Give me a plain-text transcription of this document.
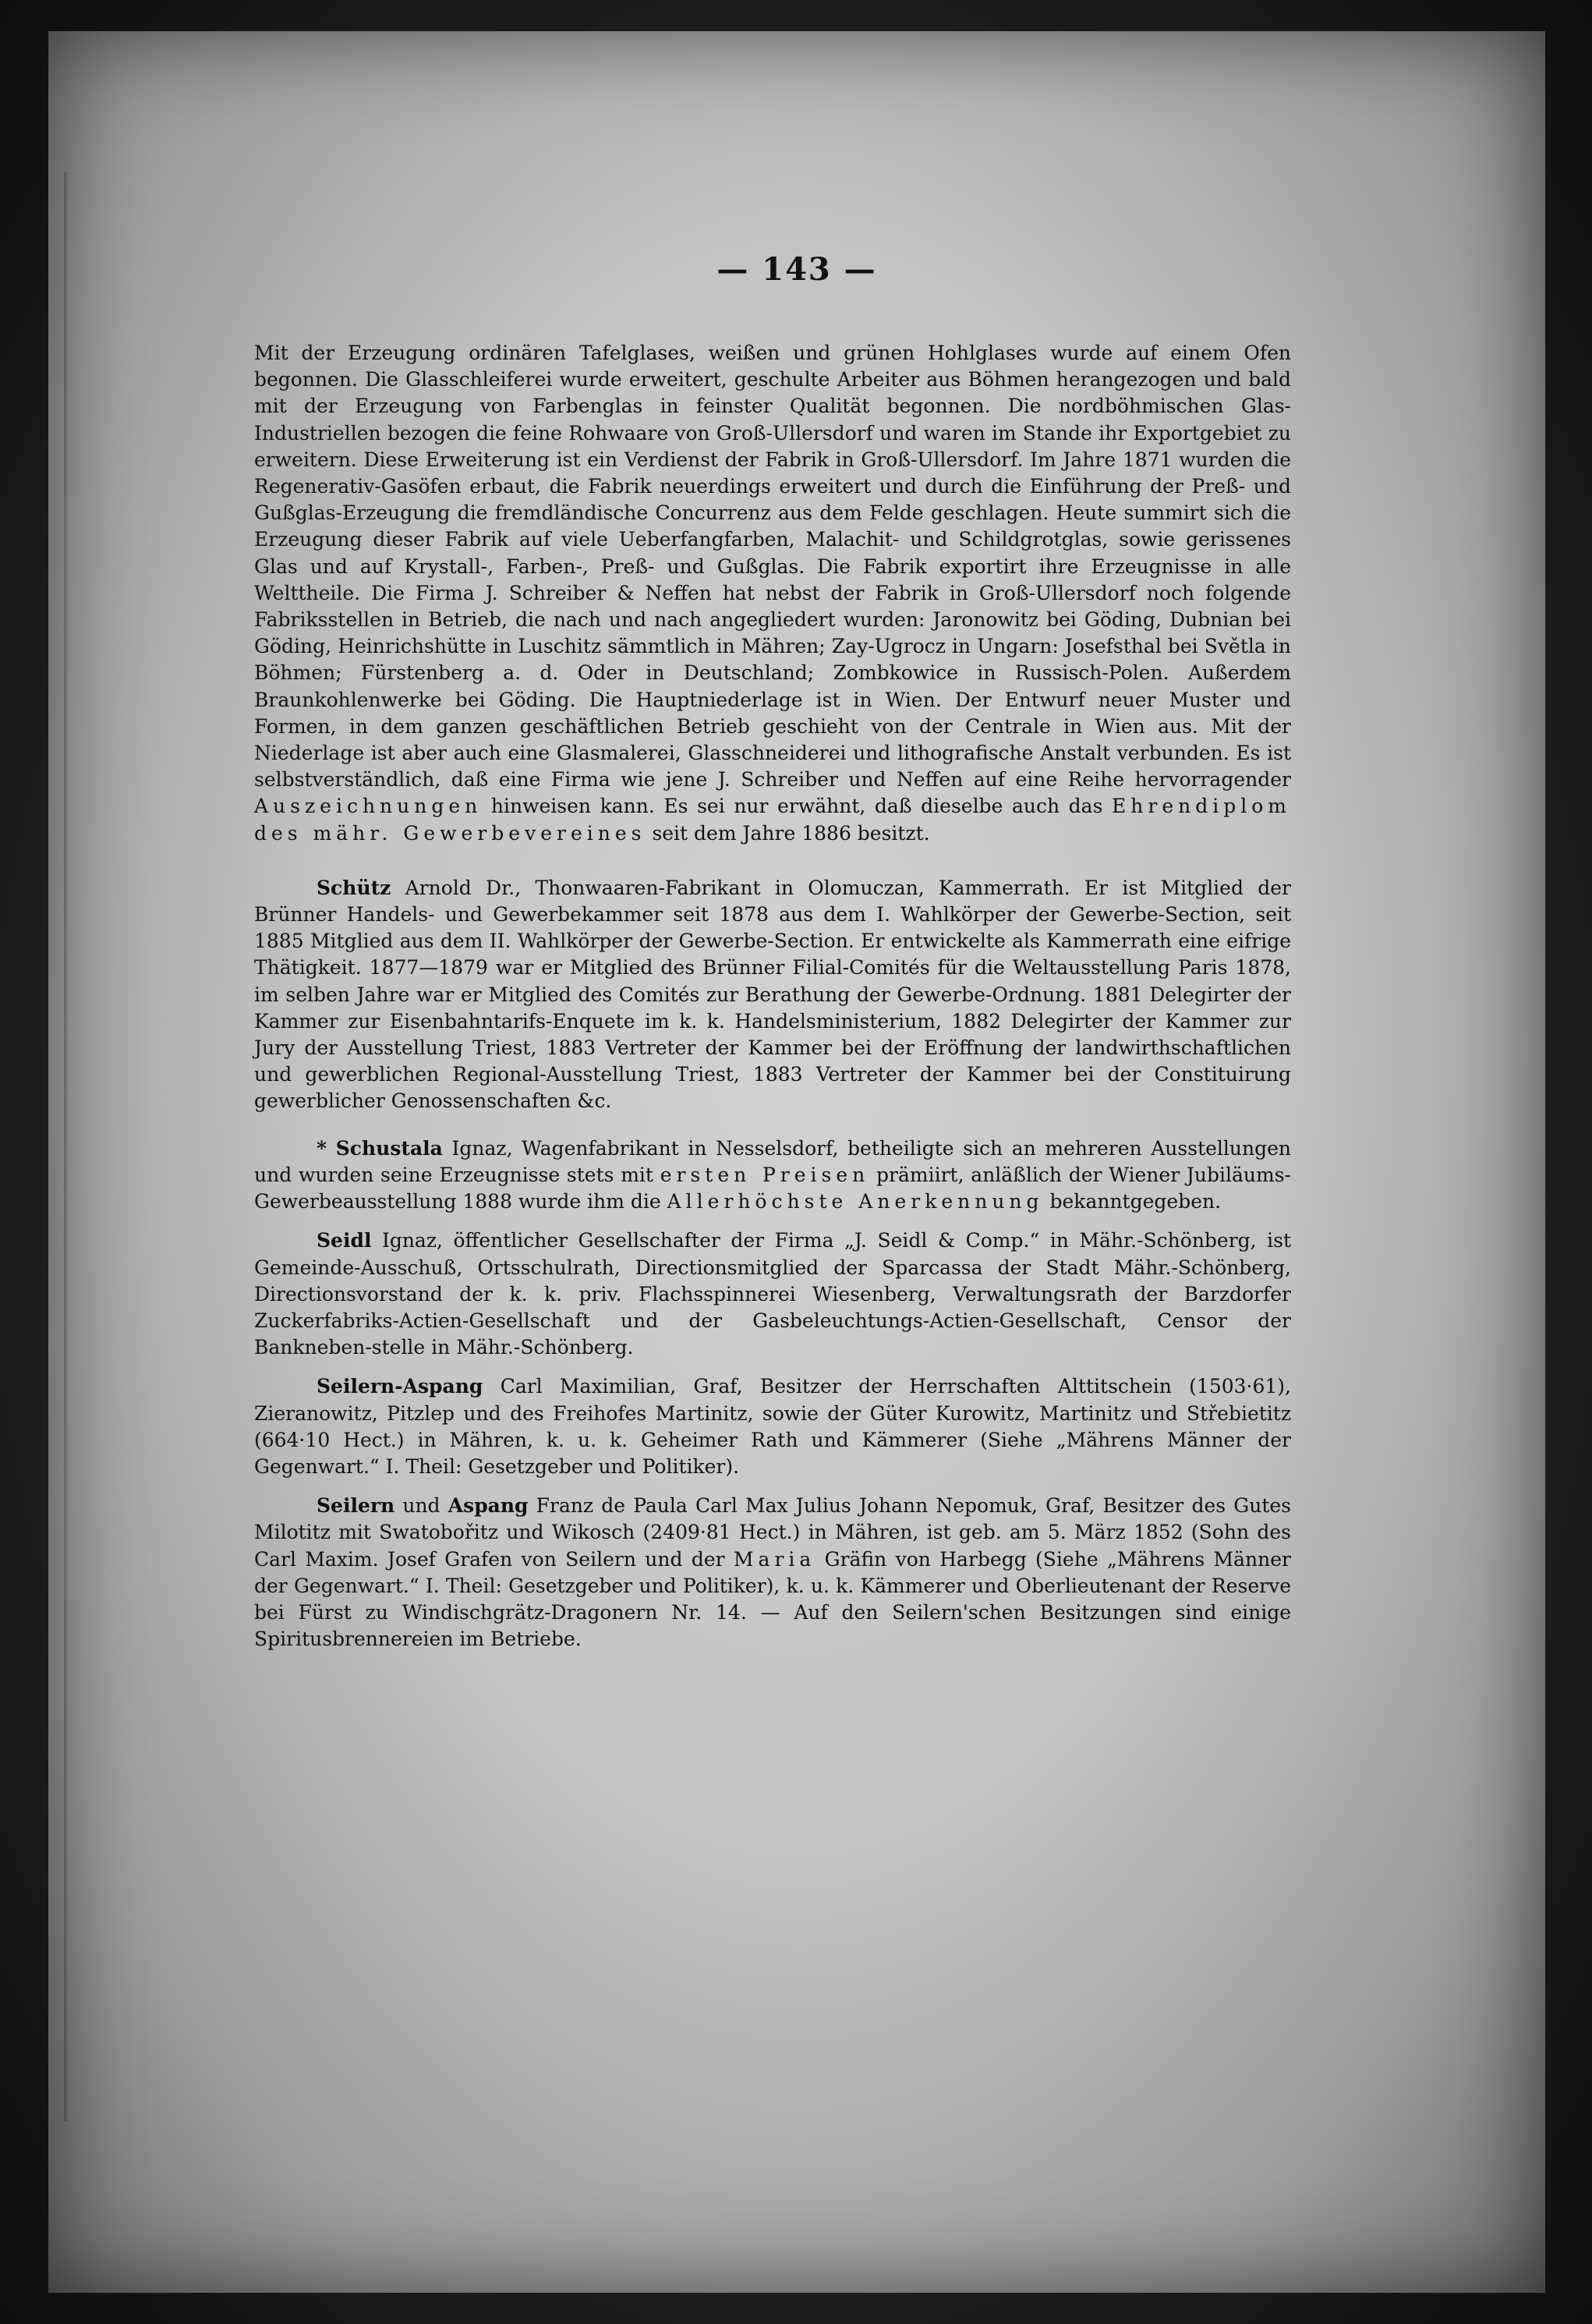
— 143 —

Mit der Erzeugung ordinären Tafelglases, weißen und grünen Hohlglases wurde auf einem Ofen begonnen. Die Glasschleiferei wurde erweitert, geschulte Arbeiter aus Böhmen herangezogen und bald mit der Erzeugung von Farbenglas in feinster Qualität begonnen. Die nordböhmischen Glas-Industriellen bezogen die feine Rohwaare von Groß-Ullersdorf und waren im Stande ihr Exportgebiet zu erweitern. Diese Erweiterung ist ein Verdienst der Fabrik in Groß-Ullersdorf. Im Jahre 1871 wurden die Regenerativ-Gasöfen erbaut, die Fabrik neuerdings erweitert und durch die Einführung der Preß- und Gußglas-Erzeugung die fremdländische Concurrenz aus dem Felde geschlagen. Heute summirt sich die Erzeugung dieser Fabrik auf viele Ueberfangfarben, Malachit- und Schildgrotglas, sowie gerissenes Glas und auf Krystall-, Farben-, Preß- und Gußglas. Die Fabrik exportirt ihre Erzeugnisse in alle Welttheile. Die Firma J. Schreiber & Neffen hat nebst der Fabrik in Groß-Ullersdorf noch folgende Fabriksstellen in Betrieb, die nach und nach angegliedert wurden: Jaronowitz bei Göding, Dubnian bei Göding, Heinrichshütte in Luschitz sämmtlich in Mähren; Zay-Ugrocz in Ungarn: Josefsthal bei Světla in Böhmen; Fürstenberg a. d. Oder in Deutschland; Zombkowice in Russisch-Polen. Außerdem Braunkohlenwerke bei Göding. Die Hauptniederlage ist in Wien. Der Entwurf neuer Muster und Formen, in dem ganzen geschäftlichen Betrieb geschieht von der Centrale in Wien aus. Mit der Niederlage ist aber auch eine Glasmalerei, Glasschneiderei und lithografische Anstalt verbunden. Es ist selbstverständlich, daß eine Firma wie jene J. Schreiber und Neffen auf eine Reihe hervorragender Auszeichnungen hinweisen kann. Es sei nur erwähnt, daß dieselbe auch das Ehrendiplom des mähr. Gewerbevereines seit dem Jahre 1886 besitzt.

Schütz Arnold Dr., Thonwaaren-Fabrikant in Olomuczan, Kammerrath. Er ist Mitglied der Brünner Handels- und Gewerbekammer seit 1878 aus dem I. Wahlkörper der Gewerbe-Section, seit 1885 Mitglied aus dem II. Wahlkörper der Gewerbe-Section. Er entwickelte als Kammerrath eine eifrige Thätigkeit. 1877—1879 war er Mitglied des Brünner Filial-Comités für die Weltausstellung Paris 1878, im selben Jahre war er Mitglied des Comités zur Berathung der Gewerbe-Ordnung. 1881 Delegirter der Kammer zur Eisenbahntarifs-Enquete im k. k. Handelsministerium, 1882 Delegirter der Kammer zur Jury der Ausstellung Triest, 1883 Vertreter der Kammer bei der Eröffnung der landwirthschaftlichen und gewerblichen Regional-Ausstellung Triest, 1883 Vertreter der Kammer bei der Constituirung gewerblicher Genossenschaften &c.

* Schustala Ignaz, Wagenfabrikant in Nesselsdorf, betheiligte sich an mehreren Ausstellungen und wurden seine Erzeugnisse stets mit ersten Preisen prämiirt, anläßlich der Wiener Jubiläums-Gewerbeausstellung 1888 wurde ihm die Allerhöchste Anerkennung bekanntgegeben.

Seidl Ignaz, öffentlicher Gesellschafter der Firma „J. Seidl & Comp.“ in Mähr.-Schönberg, ist Gemeinde-Ausschuß, Ortsschulrath, Directionsmitglied der Sparcassa der Stadt Mähr.-Schönberg, Directionsvorstand der k. k. priv. Flachsspinnerei Wiesenberg, Verwaltungsrath der Barzdorfer Zuckerfabriks-Actien-Gesellschaft und der Gasbeleuchtungs-Actien-Gesellschaft, Censor der Bankneben-stelle in Mähr.-Schönberg.

Seilern-Aspang Carl Maximilian, Graf, Besitzer der Herrschaften Alttitschein (1503·61), Zieranowitz, Pitzlep und des Freihofes Martinitz, sowie der Güter Kurowitz, Martinitz und Střebietitz (664·10 Hect.) in Mähren, k. u. k. Geheimer Rath und Kämmerer (Siehe „Mährens Männer der Gegenwart.“ I. Theil: Gesetzgeber und Politiker).

Seilern und Aspang Franz de Paula Carl Max Julius Johann Nepomuk, Graf, Besitzer des Gutes Milotitz mit Swatobořitz und Wikosch (2409·81 Hect.) in Mähren, ist geb. am 5. März 1852 (Sohn des Carl Maxim. Josef Grafen von Seilern und der Maria Gräfin von Harbegg (Siehe „Mährens Männer der Gegenwart.“ I. Theil: Gesetzgeber und Politiker), k. u. k. Kämmerer und Oberlieutenant der Reserve bei Fürst zu Windischgrätz-Dragonern Nr. 14. — Auf den Seilern'schen Besitzungen sind einige Spiritusbrennereien im Betriebe.
